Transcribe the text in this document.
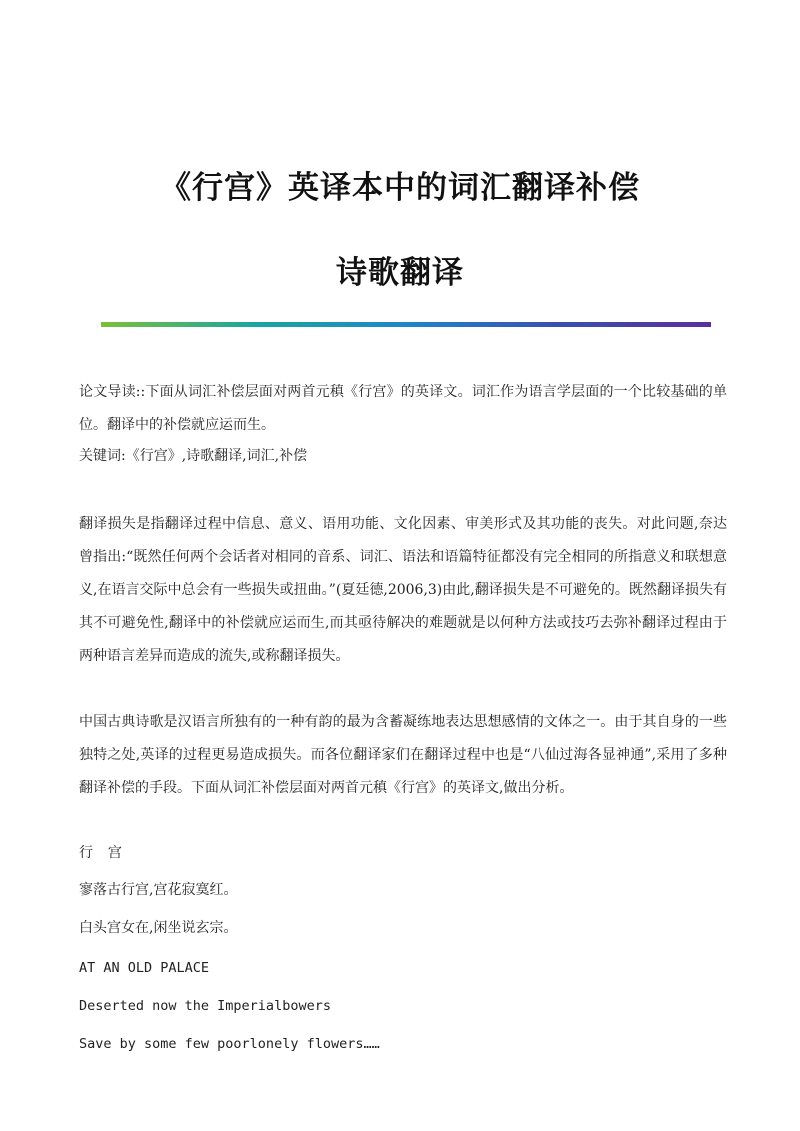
《行宫》英译本中的词汇翻译补偿
诗歌翻译

论文导读::下面从词汇补偿层面对两首元稹《行宫》的英译文。词汇作为语言学层面的一个比较基础的单位。翻译中的补偿就应运而生。

关键词:《行宫》,诗歌翻译,词汇,补偿

翻译损失是指翻译过程中信息、意义、语用功能、文化因素、审美形式及其功能的丧失。对此问题,奈达曾指出:“既然任何两个会话者对相同的音系、词汇、语法和语篇特征都没有完全相同的所指意义和联想意义,在语言交际中总会有一些损失或扭曲。”(夏廷德,2006,3)由此,翻译损失是不可避免的。既然翻译损失有其不可避免性,翻译中的补偿就应运而生,而其亟待解决的难题就是以何种方法或技巧去弥补翻译过程由于两种语言差异而造成的流失,或称翻译损失。

中国古典诗歌是汉语言所独有的一种有韵的最为含蓄凝练地表达思想感情的文体之一。由于其自身的一些独特之处,英译的过程更易造成损失。而各位翻译家们在翻译过程中也是“八仙过海各显神通”,采用了多种翻译补偿的手段。下面从词汇补偿层面对两首元稹《行宫》的英译文,做出分析。

行  宫

寥落古行宫,宫花寂寞红。

白头宫女在,闲坐说玄宗。

AT AN OLD PALACE

Deserted now the Imperialbowers

Save by some few poorlonely flowers……
